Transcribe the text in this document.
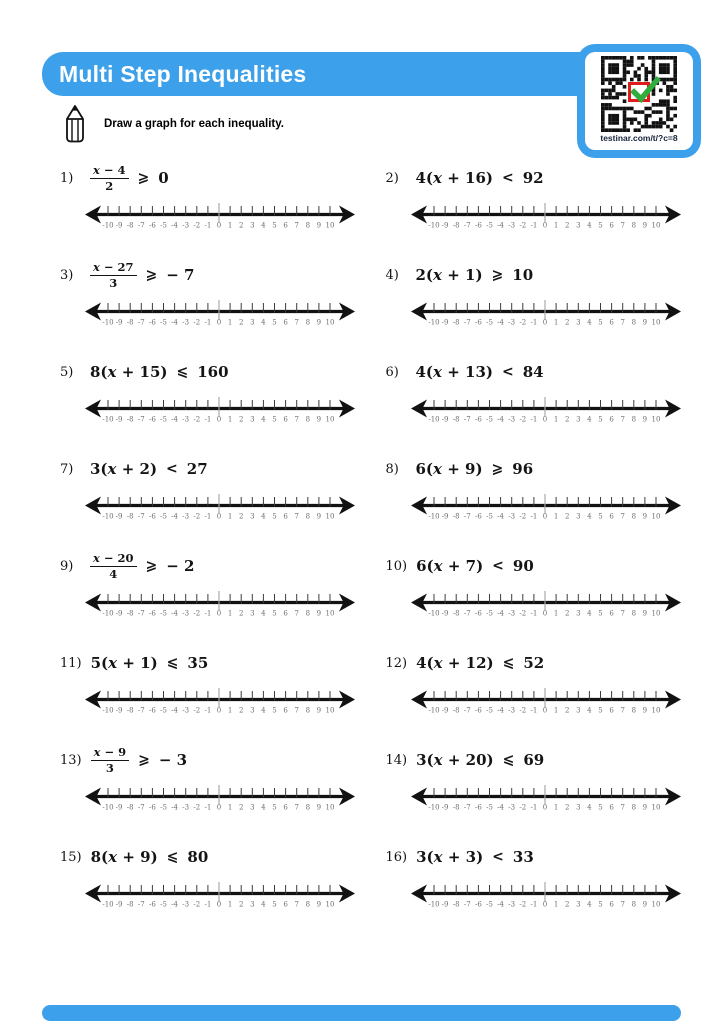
Multi Step Inequalities
testinar.com/t/?c=8
Draw a graph for each inequality.
1)	$\frac{x - 4}{2}$ ⩾ 0
-10 -9 -8 -7 -6 -5 -4 -3 -2 -1 0 1 2 3 4 5 6 7 8 9 10
2)	4(x + 16) < 92
-10 -9 -8 -7 -6 -5 -4 -3 -2 -1 0 1 2 3 4 5 6 7 8 9 10
3)	$\frac{x - 27}{3}$ ⩾ − 7
-10 -9 -8 -7 -6 -5 -4 -3 -2 -1 0 1 2 3 4 5 6 7 8 9 10
4)	2(x + 1) ⩾ 10
-10 -9 -8 -7 -6 -5 -4 -3 -2 -1 0 1 2 3 4 5 6 7 8 9 10
5)	8(x + 15) ⩽ 160
-10 -9 -8 -7 -6 -5 -4 -3 -2 -1 0 1 2 3 4 5 6 7 8 9 10
6)	4(x + 13) < 84
-10 -9 -8 -7 -6 -5 -4 -3 -2 -1 0 1 2 3 4 5 6 7 8 9 10
7)	3(x + 2) < 27
-10 -9 -8 -7 -6 -5 -4 -3 -2 -1 0 1 2 3 4 5 6 7 8 9 10
8)	6(x + 9) ⩾ 96
-10 -9 -8 -7 -6 -5 -4 -3 -2 -1 0 1 2 3 4 5 6 7 8 9 10
9)	$\frac{x - 20}{4}$ ⩾ − 2
-10 -9 -8 -7 -6 -5 -4 -3 -2 -1 0 1 2 3 4 5 6 7 8 9 10
10) 6(x + 7) < 90
-10 -9 -8 -7 -6 -5 -4 -3 -2 -1 0 1 2 3 4 5 6 7 8 9 10
11) 5(x + 1) ⩽ 35
-10 -9 -8 -7 -6 -5 -4 -3 -2 -1 0 1 2 3 4 5 6 7 8 9 10
12) 4(x + 12) ⩽ 52
-10 -9 -8 -7 -6 -5 -4 -3 -2 -1 0 1 2 3 4 5 6 7 8 9 10
$13) \frac{x - 9}{3}$ ⩾ − 3
-10 -9 -8 -7 -6 -5 -4 -3 -2 -1 0 1 2 3 4 5 6 7 8 9 10
14) 3(x + 20) ⩽ 69
-10 -9 -8 -7 -6 -5 -4 -3 -2 -1 0 1 2 3 4 5 6 7 8 9 10
15) 8(x + 9) ⩽ 80
-10 -9 -8 -7 -6 -5 -4 -3 -2 -1 0 1 2 3 4 5 6 7 8 9 10
16) 3(x + 3) < 33
-10 -9 -8 -7 -6 -5 -4 -3 -2 -1 0 1 2 3 4 5 6 7 8 9 10
